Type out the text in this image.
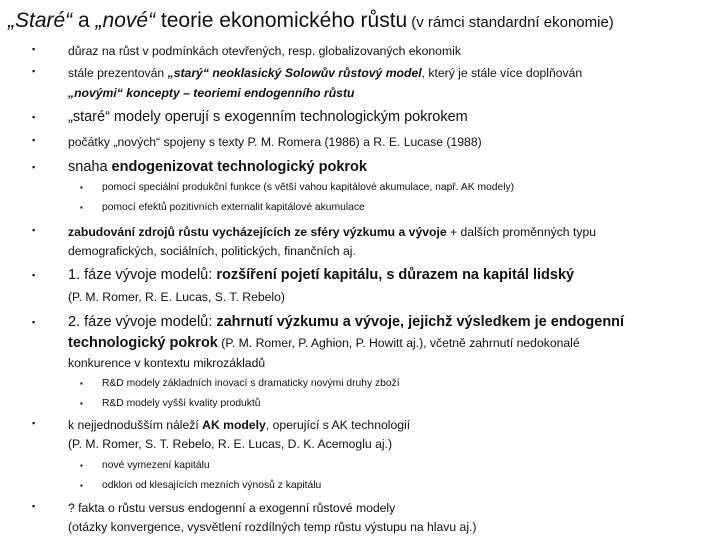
„Staré“ a „nové“ teorie ekonomického růstu (v rámci standardní ekonomie)
▪
důraz na růst v podmínkách otevřených, resp. globalizovaných ekonomik
▪
stále prezentován „starý“ neoklasický Solowův růstový model, který je stále více doplňován
„novými“ koncepty – teoriemi endogenního růstu
▪
„staré“ modely operují s exogenním technologickým pokrokem
▪
počátky „nových“ spojeny s texty P. M. Romera (1986) a R. E. Lucase (1988)
▪
snaha endogenizovat technologický pokrok
▪
pomocí speciální produkční funkce (s větší vahou kapitálové akumulace, např. AK modely)
▪
pomocí efektů pozitivních externalit kapitálové akumulace
▪
zabudování zdrojů růstu vycházejících ze sféry výzkumu a vývoje + dalších proměnných typu
demografických, sociálních, politických, finančních aj.
▪
1. fáze vývoje modelů: rozšíření pojetí kapitálu, s důrazem na kapitál lidský
(P. M. Romer, R. E. Lucas, S. T. Rebelo)
▪
2. fáze vývoje modelů: zahrnutí výzkumu a vývoje, jejichž výsledkem je endogenní
technologický pokrok (P. M. Romer, P. Aghion, P. Howitt aj.), včetně zahrnutí nedokonalé
konkurence v kontextu mikrozákladů
▪
R&D modely základních inovací s dramaticky novými druhy zboží
▪
R&D modely vyšší kvality produktů
▪
k nejjednodušším náleží AK modely, operující s AK technologií
(P. M. Romer, S. T. Rebelo, R. E. Lucas, D. K. Acemoglu aj.)
▪
nové vymezení kapitálu
▪
odklon od klesajících mezních výnosů z kapitálu
▪
? fakta o růstu versus endogenní a exogenní růstové modely
(otázky konvergence, vysvětlení rozdílných temp růstu výstupu na hlavu aj.)
